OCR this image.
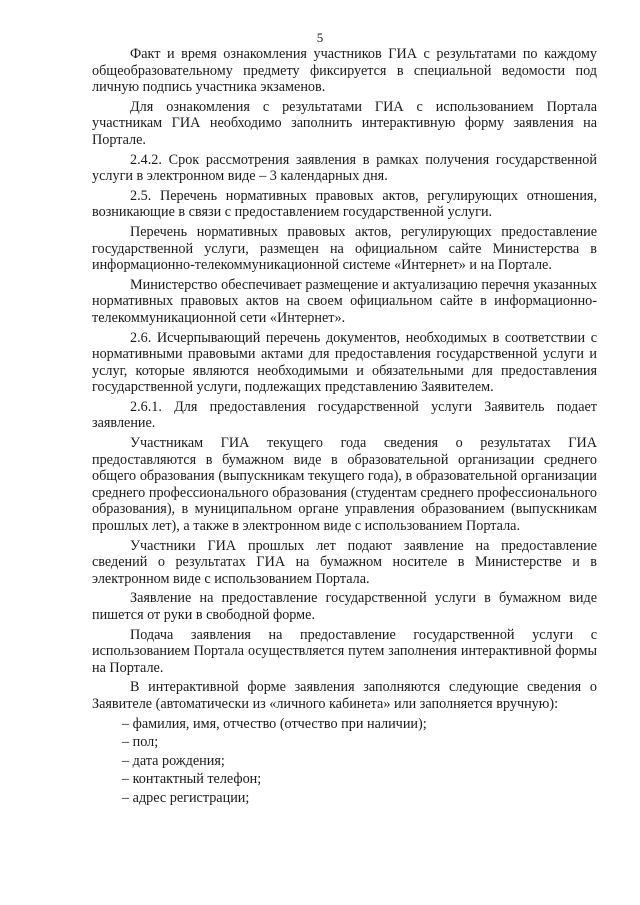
5

Факт и время ознакомления участников ГИА с результатами по каждому общеобразовательному предмету фиксируется в специальной ведомости под личную подпись участника экзаменов.

Для ознакомления с результатами ГИА с использованием Портала участникам ГИА необходимо заполнить интерактивную форму заявления на Портале.

2.4.2. Срок рассмотрения заявления в рамках получения государственной услуги в электронном виде – 3 календарных дня.

2.5. Перечень нормативных правовых актов, регулирующих отношения, возникающие в связи с предоставлением государственной услуги.

Перечень нормативных правовых актов, регулирующих предоставление государственной услуги, размещен на официальном сайте Министерства в информационно-телекоммуникационной системе «Интернет» и на Портале.

Министерство обеспечивает размещение и актуализацию перечня указанных нормативных правовых актов на своем официальном сайте в информационно-телекоммуникационной сети «Интернет».

2.6. Исчерпывающий перечень документов, необходимых в соответствии с нормативными правовыми актами для предоставления государственной услуги и услуг, которые являются необходимыми и обязательными для предоставления государственной услуги, подлежащих представлению Заявителем.

2.6.1. Для предоставления государственной услуги Заявитель подает заявление.

Участникам ГИА текущего года сведения о результатах ГИА предоставляются в бумажном виде в образовательной организации среднего общего образования (выпускникам текущего года), в образовательной организации среднего профессионального образования (студентам среднего профессионального образования), в муниципальном органе управления образованием (выпускникам прошлых лет), а также в электронном виде с использованием Портала.

Участники ГИА прошлых лет подают заявление на предоставление сведений о результатах ГИА на бумажном носителе в Министерстве и в электронном виде с использованием Портала.

Заявление на предоставление государственной услуги в бумажном виде пишется от руки в свободной форме.

Подача заявления на предоставление государственной услуги с использованием Портала осуществляется путем заполнения интерактивной формы на Портале.

В интерактивной форме заявления заполняются следующие сведения о Заявителе (автоматически из «личного кабинета» или заполняется вручную):

– фамилия, имя, отчество (отчество при наличии);

– пол;

– дата рождения;

– контактный телефон;

– адрес регистрации;
